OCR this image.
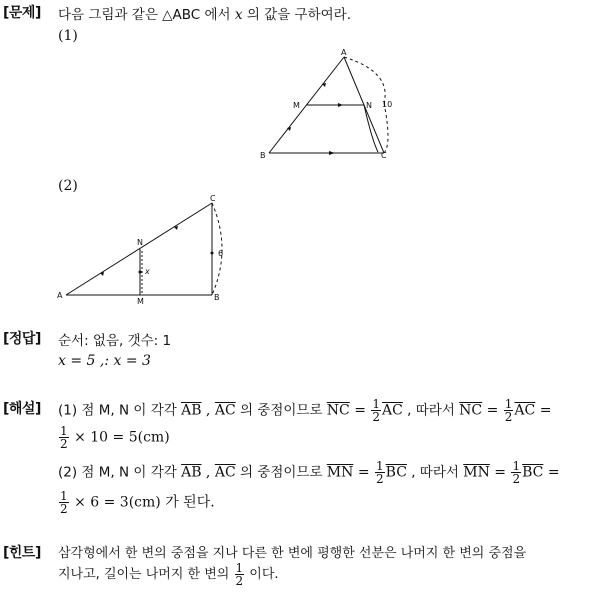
[문제] 다음 그림과 같은 △ABC 에서 x 의 값을 구하여라.
(1)
A
M	N 10
B	C
(2)
C
N
x
6
A
M	B
[정답] 순서: 없음, 갯수: 1
x = 5 ,: x = 3
[해설] (1) 점 M, N 이 각각 $\overline{AB}$ , $\overline{AC}$ 의 중점이므로 $\overline{NC} = \frac{1}{2} \overline{AC}$ , 따라서 $\overline{NC} = \frac{1}{2} \overline{AC}$ =
$\frac{1}{2} \times 10 = 5(cm)$
(2) 점 M, N 이 각각 $\overline{AB}$ , $\overline{AC}$ 의 중점이므로 $\overline{MN} = \frac{1}{2} \overline{BC}$ , 따라서 $\overline{MN} = \frac{1}{2} \overline{BC}$ =
$\frac{1}{2} \times 6 = 3(cm)$ 가 된다.
[힌트] 삼각형에서 한 변의 중점을 지나 다른 한 변에 평행한 선분은 나머지 한 변의 중점을
지나고, 길이는 나머지 한 변의 $\frac{1}{2}$ 이다.
